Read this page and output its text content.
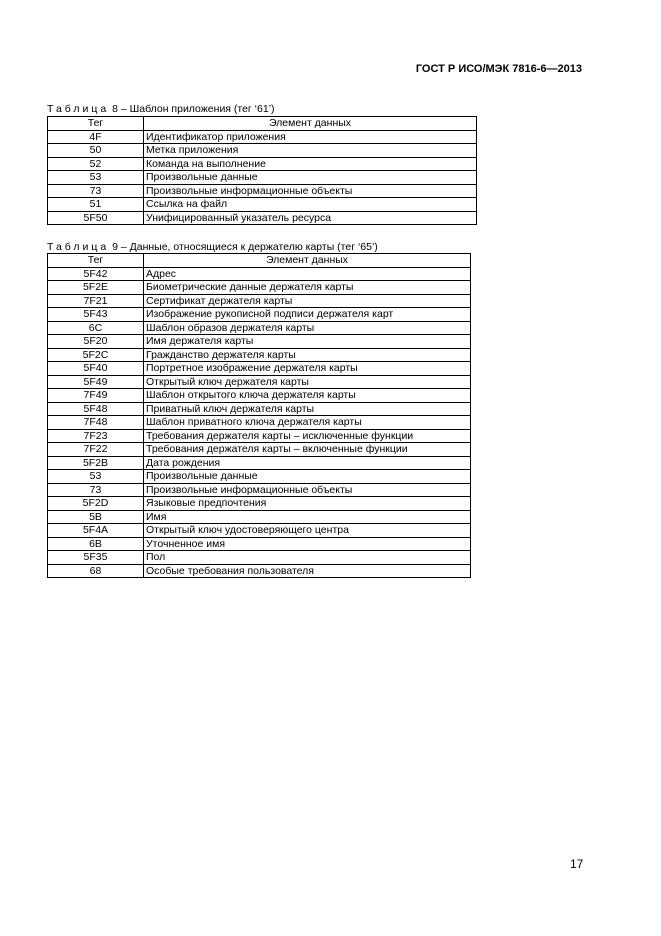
ГОСТ Р ИСО/МЭК 7816-6—2013
Таблица 8 – Шаблон приложения (тег ‘61’)
Тег	Элемент данных
4F	Идентификатор приложения
50	Метка приложения
52	Команда на выполнение
53	Произвольные данные
73	Произвольные информационные объекты
51	Ссылка на файл
5F50	Унифицированный указатель ресурса
Таблица 9 – Данные, относящиеся к держателю карты (тег ‘65’)
Тег	Элемент данных
5F42	Адрес
5F2E	Биометрические данные держателя карты
7F21	Сертификат держателя карты
5F43	Изображение рукописной подписи держателя карт
6C	Шаблон образов держателя карты
5F20	Имя держателя карты
5F2C	Гражданство держателя карты
5F40	Портретное изображение держателя карты
5F49	Открытый ключ держателя карты
7F49	Шаблон открытого ключа держателя карты
5F48	Приватный ключ держателя карты
7F48	Шаблон приватного ключа держателя карты
7F23	Требования держателя карты – исключенные функции
7F22	Требования держателя карты – включенные функции
5F2B	Дата рождения
53	Произвольные данные
73	Произвольные информационные объекты
5F2D	Языковые предпочтения
5B	Имя
5F4A	Открытый ключ удостоверяющего центра
6B	Уточненное имя
5F35	Пол
68	Особые требования пользователя
17
